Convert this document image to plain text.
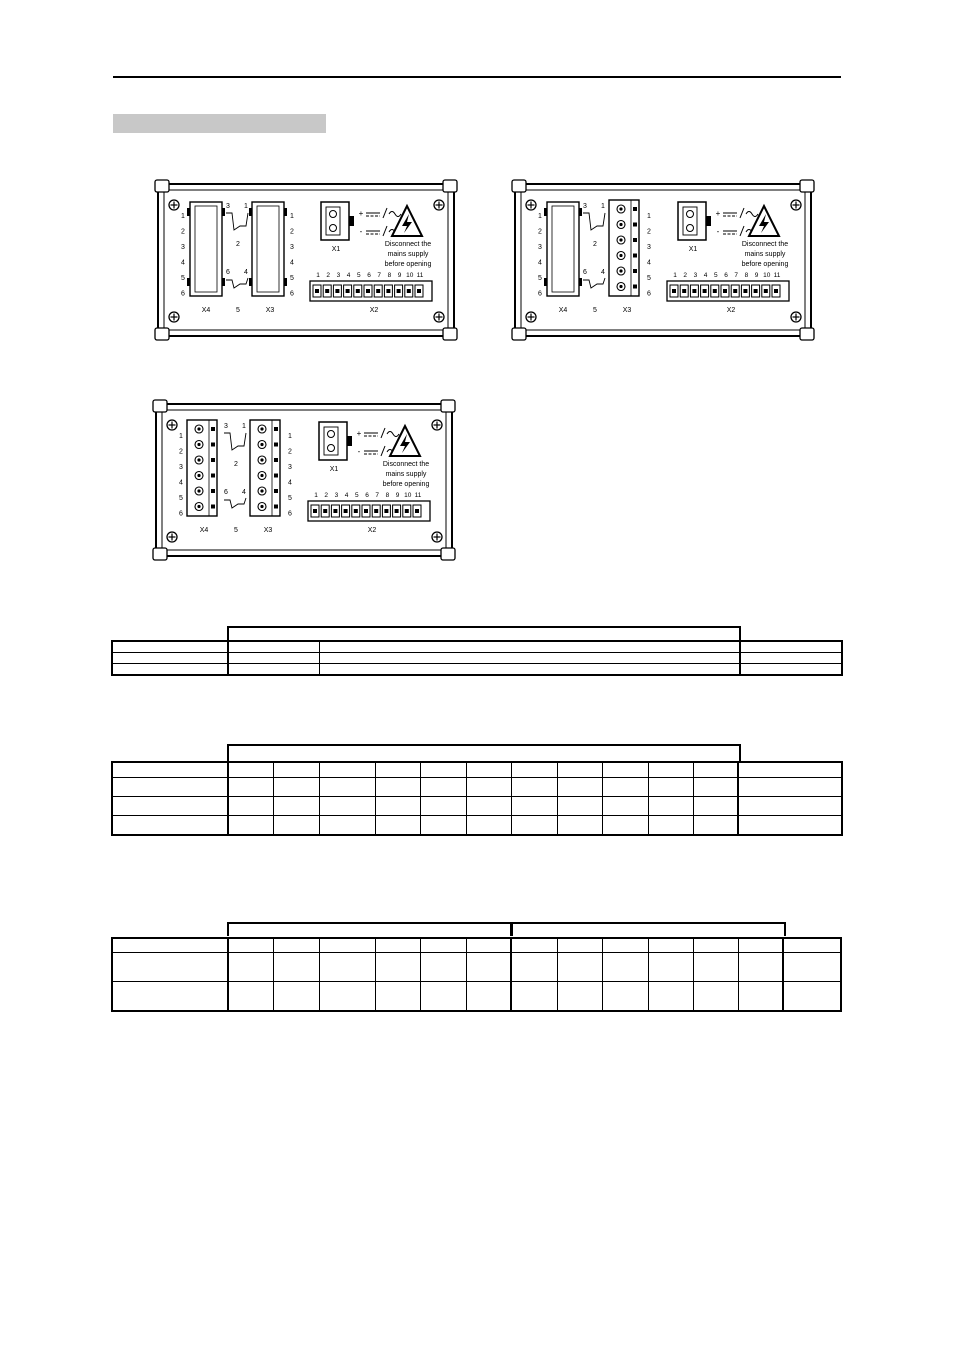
1
2
3
4
5
6
X4
3 1
2
6 4
5	X3
1
2
3
4
5
6
X1
+
-
Disconnect the
mains supply
before opening
1 2 3 4 5 6 7 8 9 10 11
X2
1
2
3
4
5
6
X4
3 1
2
6 4
5	X3
1
2
3
4
5
6
X1
+
-
Disconnect the
mains supply
before opening
1 2 3 4 5 6 7 8 9 10 11
X2
1
2
3
4
5
6
X4
3 1
2
6 4
5	X3
1
2
3
4
5
6
X1
+
-
Disconnect the
mains supply
before opening
1 2 3 4 5 6 7 8 9 10 11
X2
